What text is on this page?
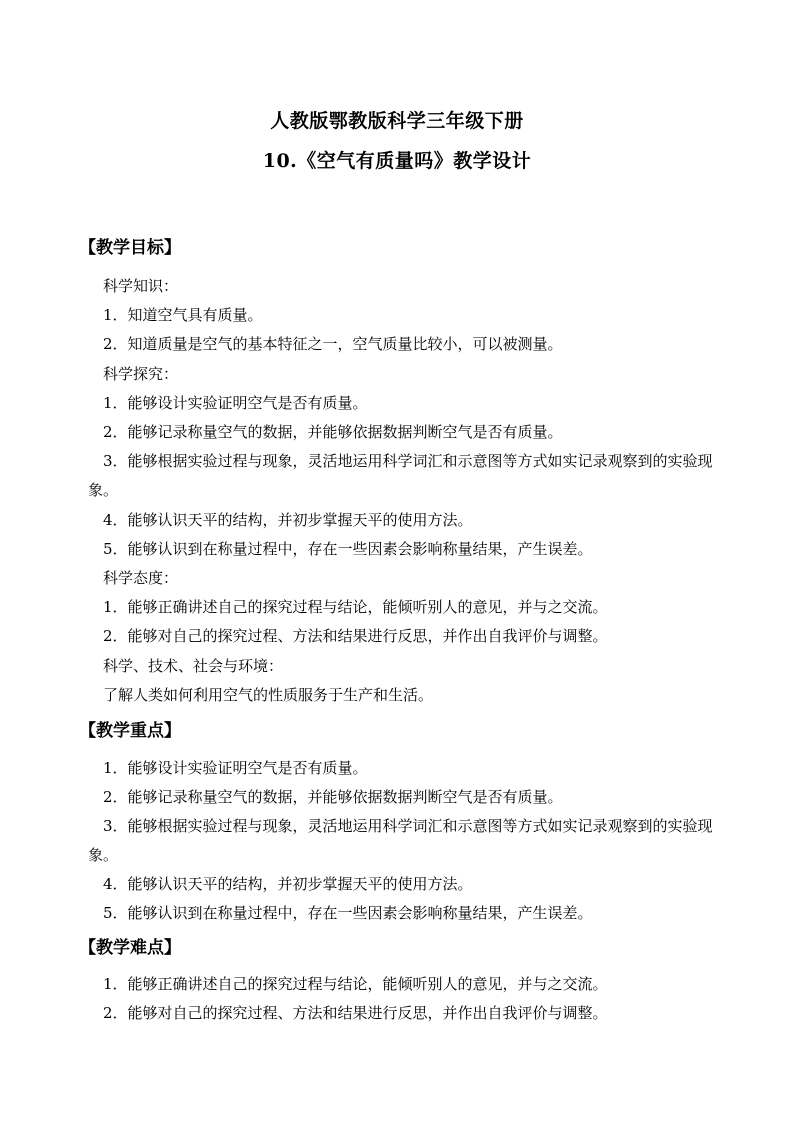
人教版鄂教版科学三年级下册
10.《空气有质量吗》教学设计
【教学目标】
科学知识：
1．知道空气具有质量。
2．知道质量是空气的基本特征之一，空气质量比较小，可以被测量。
科学探究：
1．能够设计实验证明空气是否有质量。
2．能够记录称量空气的数据，并能够依据数据判断空气是否有质量。
3．能够根据实验过程与现象，灵活地运用科学词汇和示意图等方式如实记录观察到的实验现象。
4．能够认识天平的结构，并初步掌握天平的使用方法。
5．能够认识到在称量过程中，存在一些因素会影响称量结果，产生误差。
科学态度：
1．能够正确讲述自己的探究过程与结论，能倾听别人的意见，并与之交流。
2．能够对自己的探究过程、方法和结果进行反思，并作出自我评价与调整。
科学、技术、社会与环境：
了解人类如何利用空气的性质服务于生产和生活。
【教学重点】
1．能够设计实验证明空气是否有质量。
2．能够记录称量空气的数据，并能够依据数据判断空气是否有质量。
3．能够根据实验过程与现象，灵活地运用科学词汇和示意图等方式如实记录观察到的实验现象。
4．能够认识天平的结构，并初步掌握天平的使用方法。
5．能够认识到在称量过程中，存在一些因素会影响称量结果，产生误差。
【教学难点】
1．能够正确讲述自己的探究过程与结论，能倾听别人的意见，并与之交流。
2．能够对自己的探究过程、方法和结果进行反思，并作出自我评价与调整。
